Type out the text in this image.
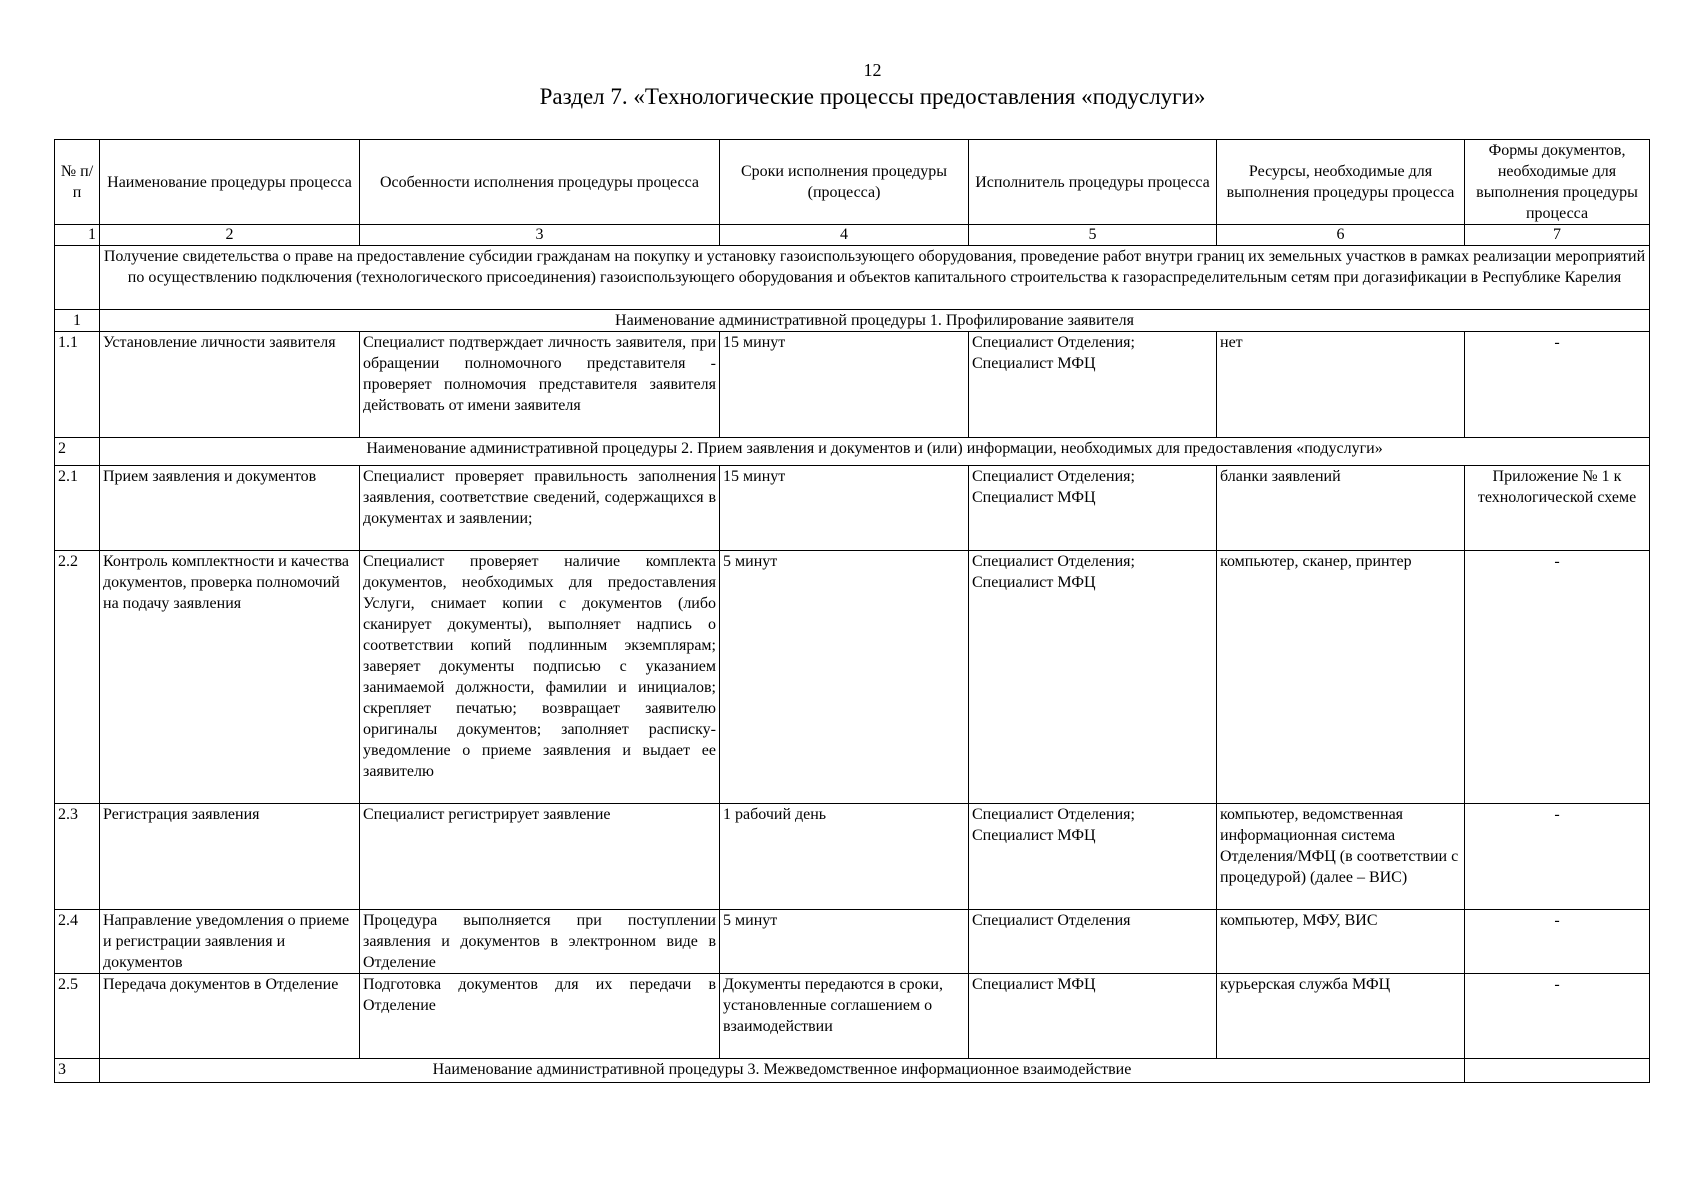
12
Раздел 7. «Технологические процессы предоставления «подуслуги»
№ п/п	Наименование процедуры процесса	Особенности исполнения процедуры процесса	Сроки исполнения процедуры (процесса)	Исполнитель процедуры процесса	Ресурсы, необходимые для выполнения процедуры процесса	Формы документов, необходимые для выполнения процедуры процесса
1	2	3	4	5	6	7
	Получение свидетельства о праве на предоставление субсидии гражданам на покупку и установку газоиспользующего оборудования, проведение работ внутри границ их земельных участков в рамках реализации мероприятий по осуществлению подключения (технологического присоединения) газоиспользующего оборудования и объектов капитального строительства к газораспределительным сетям при догазификации в Республике Карелия					
1	Наименование административной процедуры 1. Профилирование заявителя					
1.1	Установление личности заявителя	Специалист подтверждает личность заявителя, при обращении полномочного представителя - проверяет полномочия представителя заявителя действовать от имени заявителя	15 минут	Специалист Отделения; Специалист МФЦ	нет	-
2	Наименование административной процедуры 2. Прием заявления и документов и (или) информации, необходимых для предоставления «подуслуги»					
2.1	Прием заявления и документов	Специалист проверяет правильность заполнения заявления, соответствие сведений, содержащихся в документах и заявлении;	15 минут	Специалист Отделения; Специалист МФЦ	бланки заявлений	Приложение № 1 к технологической схеме
2.2	Контроль комплектности и качества документов, проверка полномочий на подачу заявления	Специалист проверяет наличие комплекта документов, необходимых для предоставления Услуги, снимает копии с документов (либо сканирует документы), выполняет надпись о соответствии копий подлинным экземплярам; заверяет документы подписью с указанием занимаемой должности, фамилии и инициалов; скрепляет печатью; возвращает заявителю оригиналы документов; заполняет расписку-уведомление о приеме заявления и выдает ее заявителю	5 минут	Специалист Отделения; Специалист МФЦ	компьютер, сканер, принтер	-
2.3	Регистрация заявления	Специалист регистрирует заявление	1 рабочий день	Специалист Отделения; Специалист МФЦ	компьютер, ведомственная информационная система Отделения/МФЦ (в соответствии с процедурой) (далее – ВИС)	-
2.4	Направление уведомления о приеме и регистрации заявления и документов	Процедура выполняется при поступлении заявления и документов в электронном виде в Отделение	5 минут	Специалист Отделения	компьютер, МФУ, ВИС	-
2.5	Передача документов в Отделение	Подготовка документов для их передачи в Отделение	Документы передаются в сроки, установленные соглашением о взаимодействии	Специалист МФЦ	курьерская служба МФЦ	-
3	Наименование административной процедуры 3. Межведомственное информационное взаимодействие					
